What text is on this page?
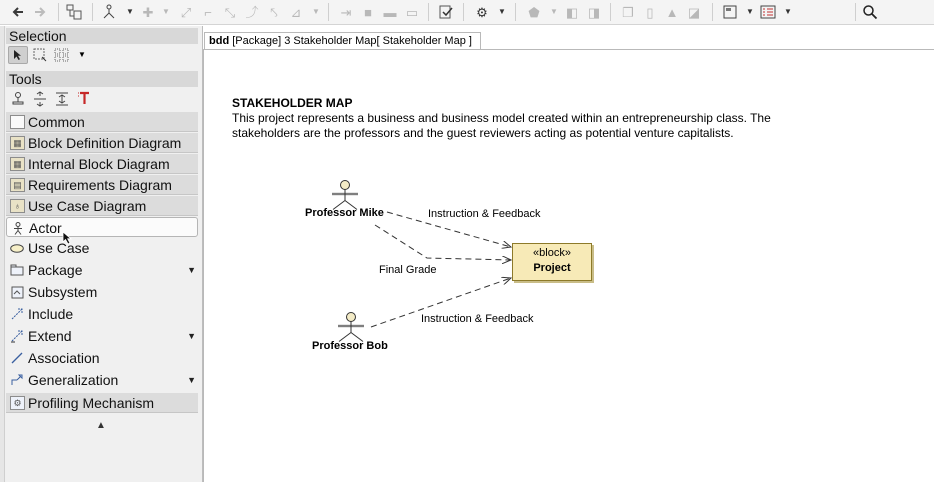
▼ ✚	▼ ⤢	⌐	⤡ ⤴ ⤣ ⊿	▼ ⇥ ■ ▬ ▭	⚙ ▼ ⬟ ▼ ◧ ◨ ❐ ▯ ▲ ◪	▼	▼
Selection
▼
Tools
Common
▦ Block Definition Diagram
▦ Internal Block Diagram
▤ Requirements Diagram
♁ Use Case Diagram
Actor
Use Case
Package	▼
Subsystem
Include
Extend	▼
Association
Generalization	▼
⚙ Profiling Mechanism
▲
bdd [Package] 3 Stakeholder Map[ Stakeholder Map ]
STAKEHOLDER MAP
This project represents a business and business model created within an entrepreneurship class. The
stakeholders are the professors and the guest reviewers acting as potential venture capitalists.
Professor Mike
Professor Bob
Instruction & Feedback
Final Grade
Instruction & Feedback
«block»
Project
